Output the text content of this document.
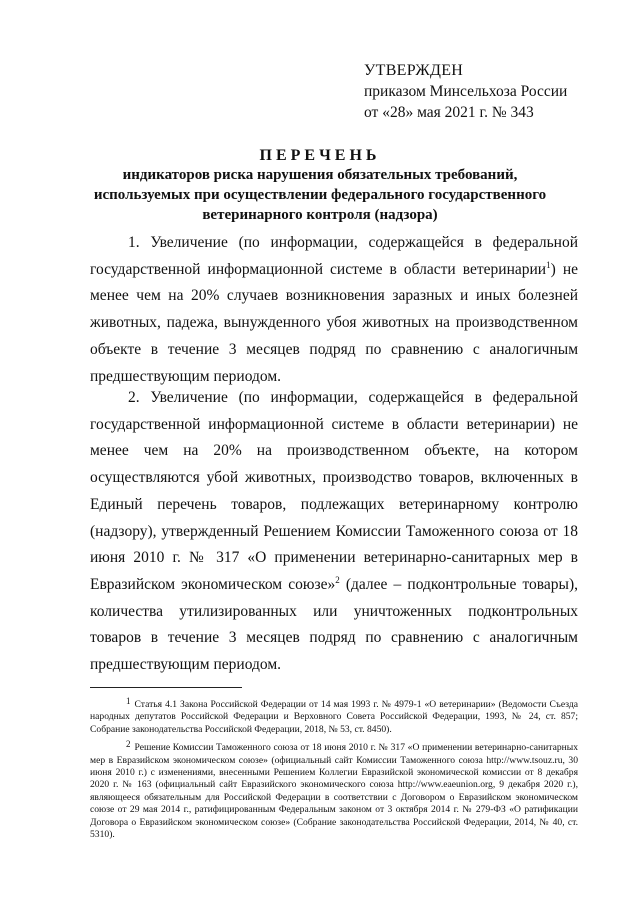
УТВЕРЖДЕН
приказом Минсельхоза России
от «28» мая 2021 г. № 343
ПЕРЕЧЕНЬ
индикаторов риска нарушения обязательных требований,
используемых при осуществлении федерального государственного
ветеринарного контроля (надзора)

1. Увеличение (по информации, содержащейся в федеральной государственной информационной системе в области ветеринарии$^1$) не менее чем на 20% случаев возникновения заразных и иных болезней животных, падежа, вынужденного убоя животных на производственном объекте в течение 3 месяцев подряд по сравнению с аналогичным предшествующим периодом.

2. Увеличение (по информации, содержащейся в федеральной государственной информационной системе в области ветеринарии) не менее чем на 20% на производственном объекте, на котором осуществляются убой животных, производство товаров, включенных в Единый перечень товаров, подлежащих ветеринарному контролю (надзору), утвержденный Решением Комиссии Таможенного союза от 18 июня 2010 г. № 317 «О применении ветеринарно-санитарных мер в Евразийском экономическом союзе»$^2$ (далее – подконтрольные товары), количества утилизированных или уничтоженных подконтрольных товаров в течение 3 месяцев подряд по сравнению с аналогичным предшествующим периодом.

1 Статья 4.1 Закона Российской Федерации от 14 мая 1993 г. № 4979-1 «О ветеринарии» (Ведомости Съезда народных депутатов Российской Федерации и Верховного Совета Российской Федерации, 1993, № 24, ст. 857; Собрание законодательства Российской Федерации, 2018, № 53, ст. 8450).

2 Решение Комиссии Таможенного союза от 18 июня 2010 г. № 317 «О применении ветеринарно-санитарных мер в Евразийском экономическом союзе» (официальный сайт Комиссии Таможенного союза http://www.tsouz.ru, 30 июня 2010 г.) с изменениями, внесенными Решением Коллегии Евразийской экономической комиссии от 8 декабря 2020 г. № 163 (официальный сайт Евразийского экономического союза http://www.eaeunion.org, 9 декабря 2020 г.), являющееся обязательным для Российской Федерации в соответствии с Договором о Евразийском экономическом союзе от 29 мая 2014 г., ратифицированным Федеральным законом от 3 октября 2014 г. № 279-ФЗ «О ратификации Договора о Евразийском экономическом союзе» (Собрание законодательства Российской Федерации, 2014, № 40, ст. 5310).
